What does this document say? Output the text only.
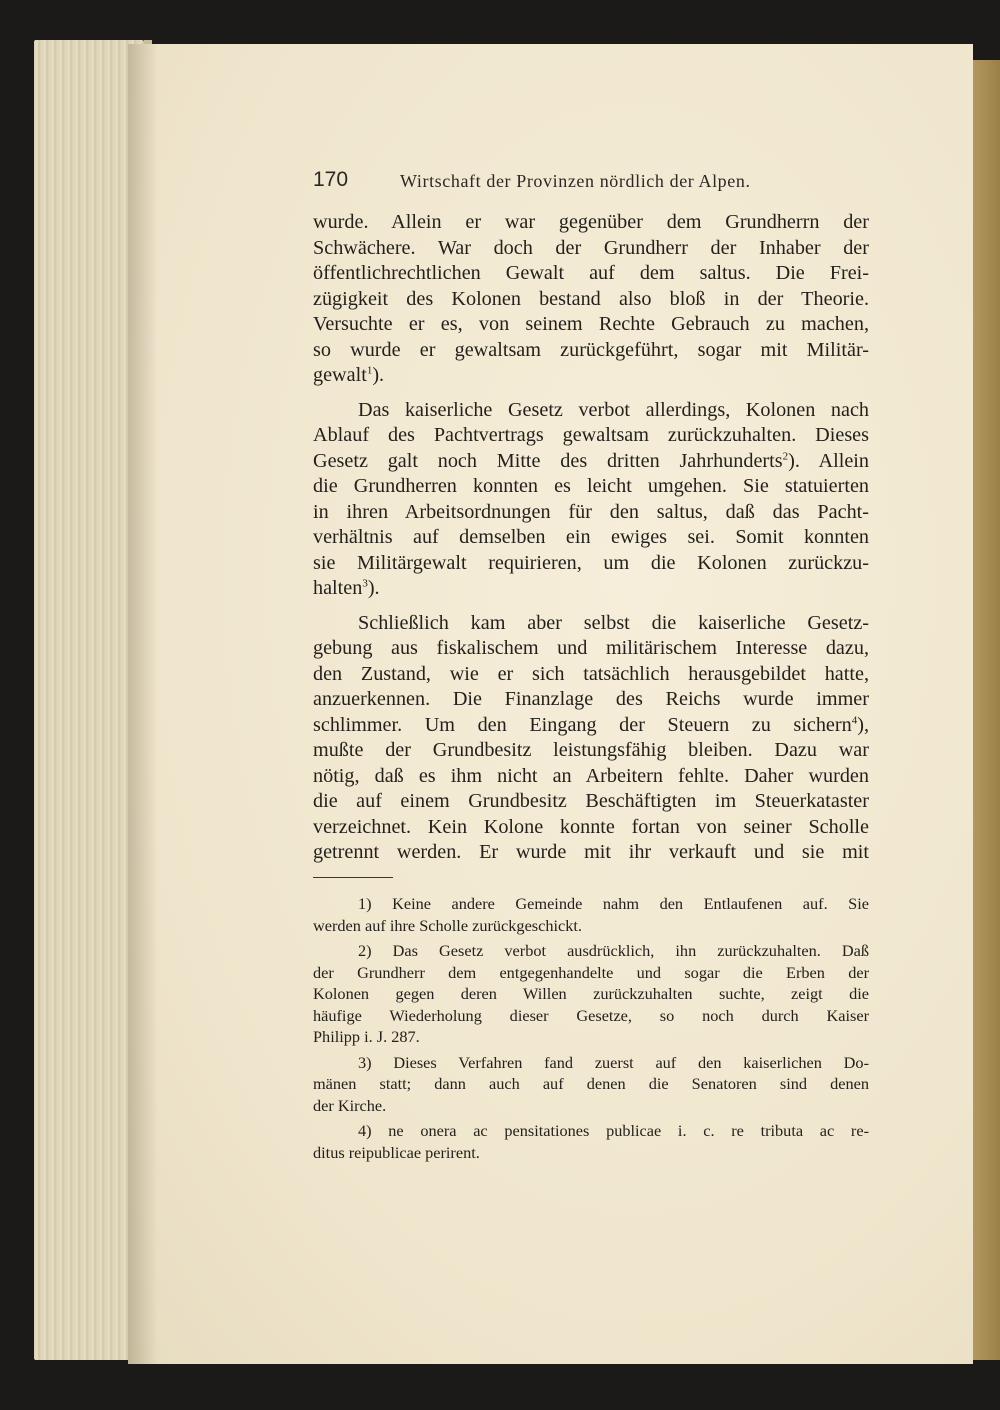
170	Wirtschaft der Provinzen nördlich der Alpen.

wurde. Allein er war gegenüber dem Grundherrn der
Schwächere. War doch der Grundherr der Inhaber der
öffentlichrechtlichen Gewalt auf dem saltus. Die Frei-
zügigkeit des Kolonen bestand also bloß in der Theorie.
Versuchte er es, von seinem Rechte Gebrauch zu machen,
so wurde er gewaltsam zurückgeführt, sogar mit Militär-
gewalt$^1$).

Das kaiserliche Gesetz verbot allerdings, Kolonen nach
Ablauf des Pachtvertrags gewaltsam zurückzuhalten. Dieses
Gesetz galt noch Mitte des dritten Jahrhunderts$^2$). Allein
die Grundherren konnten es leicht umgehen. Sie statuierten
in ihren Arbeitsordnungen für den saltus, daß das Pacht-
verhältnis auf demselben ein ewiges sei. Somit konnten
sie Militärgewalt requirieren, um die Kolonen zurückzu-
halten$^3$).

Schließlich kam aber selbst die kaiserliche Gesetz-
gebung aus fiskalischem und militärischem Interesse dazu,
den Zustand, wie er sich tatsächlich herausgebildet hatte,
anzuerkennen. Die Finanzlage des Reichs wurde immer
schlimmer. Um den Eingang der Steuern zu sichern$^4$),
mußte der Grundbesitz leistungsfähig bleiben. Dazu war
nötig, daß es ihm nicht an Arbeitern fehlte. Daher wurden
die auf einem Grundbesitz Beschäftigten im Steuerkataster
verzeichnet. Kein Kolone konnte fortan von seiner Scholle
getrennt werden. Er wurde mit ihr verkauft und sie mit

1) Keine andere Gemeinde nahm den Entlaufenen auf. Sie
werden auf ihre Scholle zurückgeschickt.

2) Das Gesetz verbot ausdrücklich, ihn zurückzuhalten. Daß
der Grundherr dem entgegenhandelte und sogar die Erben der
Kolonen gegen deren Willen zurückzuhalten suchte, zeigt die
häufige Wiederholung dieser Gesetze, so noch durch Kaiser
Philipp i. J. 287.

3) Dieses Verfahren fand zuerst auf den kaiserlichen Do-
mänen statt; dann auch auf denen die Senatoren sind denen
der Kirche.

4) ne onera ac pensitationes publicae i. c. re tributa ac re-
ditus reipublicae perirent.
